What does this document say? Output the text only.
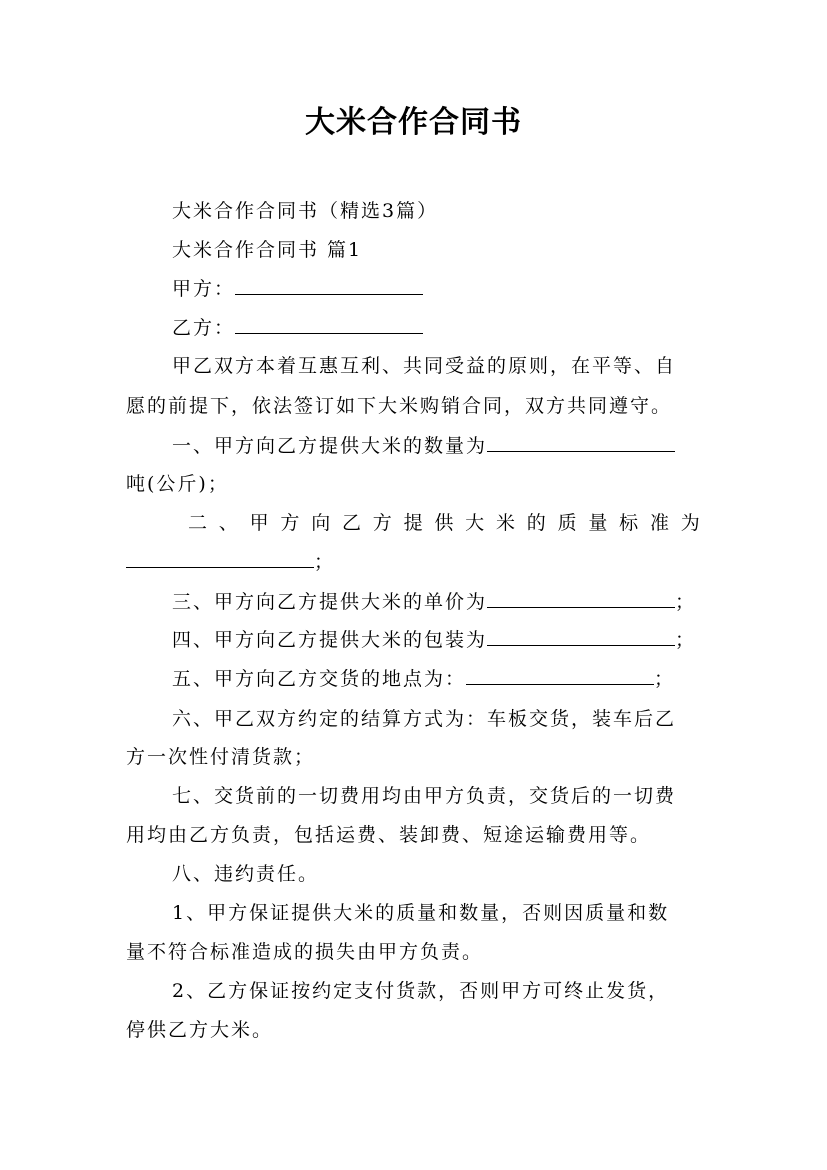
大米合作合同书
大米合作合同书（精选3篇）
大米合作合同书 篇1
甲方：
乙方：
甲乙双方本着互惠互利、共同受益的原则，在平等、自
愿的前提下，依法签订如下大米购销合同，双方共同遵守。
一、甲方向乙方提供大米的数量为
吨(公斤)；
二 、 甲 方 向 乙 方 提 供 大 米 的 质 量 标 准 为
；
三、甲方向乙方提供大米的单价为	；
四、甲方向乙方提供大米的包装为	；
五、甲方向乙方交货的地点为：	；
六、甲乙双方约定的结算方式为：车板交货，装车后乙
方一次性付清货款；
七、交货前的一切费用均由甲方负责，交货后的一切费
用均由乙方负责，包括运费、装卸费、短途运输费用等。
八、违约责任。
1、甲方保证提供大米的质量和数量，否则因质量和数
量不符合标准造成的损失由甲方负责。
2、乙方保证按约定支付货款，否则甲方可终止发货，
停供乙方大米。
